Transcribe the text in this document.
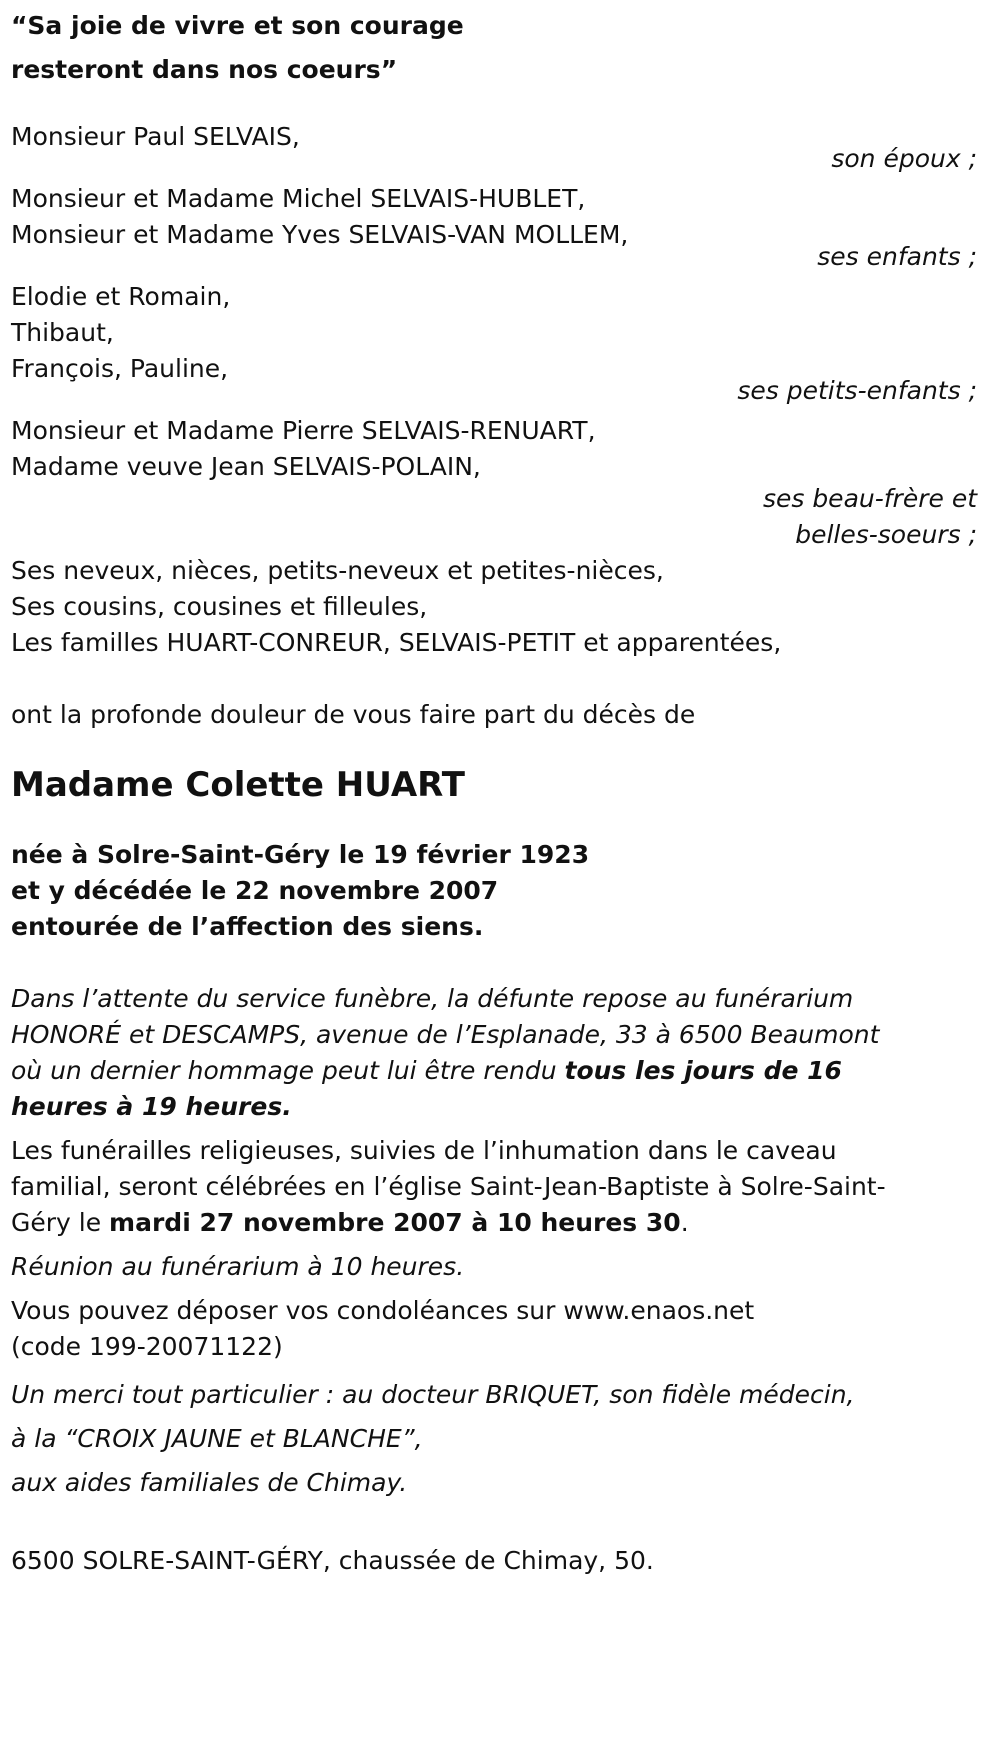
“Sa joie de vivre et son courage
resteront dans nos coeurs”
Monsieur Paul SELVAIS,
son époux ;
Monsieur et Madame Michel SELVAIS-HUBLET,
Monsieur et Madame Yves SELVAIS-VAN MOLLEM,
ses enfants ;
Elodie et Romain,
Thibaut,
François, Pauline,
ses petits-enfants ;
Monsieur et Madame Pierre SELVAIS-RENUART,
Madame veuve Jean SELVAIS-POLAIN,
ses beau-frère et
belles-soeurs ;
Ses neveux, nièces, petits-neveux et petites-nièces,
Ses cousins, cousines et filleules,
Les familles HUART-CONREUR, SELVAIS-PETIT et apparentées,
ont la profonde douleur de vous faire part du décès de
Madame Colette HUART
née à Solre-Saint-Géry le 19 février 1923
et y décédée le 22 novembre 2007
entourée de l’affection des siens.
Dans l’attente du service funèbre, la défunte repose au funérarium HONORÉ et DESCAMPS, avenue de l’Esplanade, 33 à 6500 Beaumont où un dernier hommage peut lui être rendu tous les jours de 16 heures à 19 heures.
Les funérailles religieuses, suivies de l’inhumation dans le caveau familial, seront célébrées en l’église Saint-Jean-Baptiste à Solre-Saint-Géry le mardi 27 novembre 2007 à 10 heures 30.
Réunion au funérarium à 10 heures.
Vous pouvez déposer vos condoléances sur www.enaos.net (code 199-20071122)
Un merci tout particulier : au docteur BRIQUET, son fidèle médecin,
à la “CROIX JAUNE et BLANCHE”,
aux aides familiales de Chimay.
6500 SOLRE-SAINT-GÉRY, chaussée de Chimay, 50.
